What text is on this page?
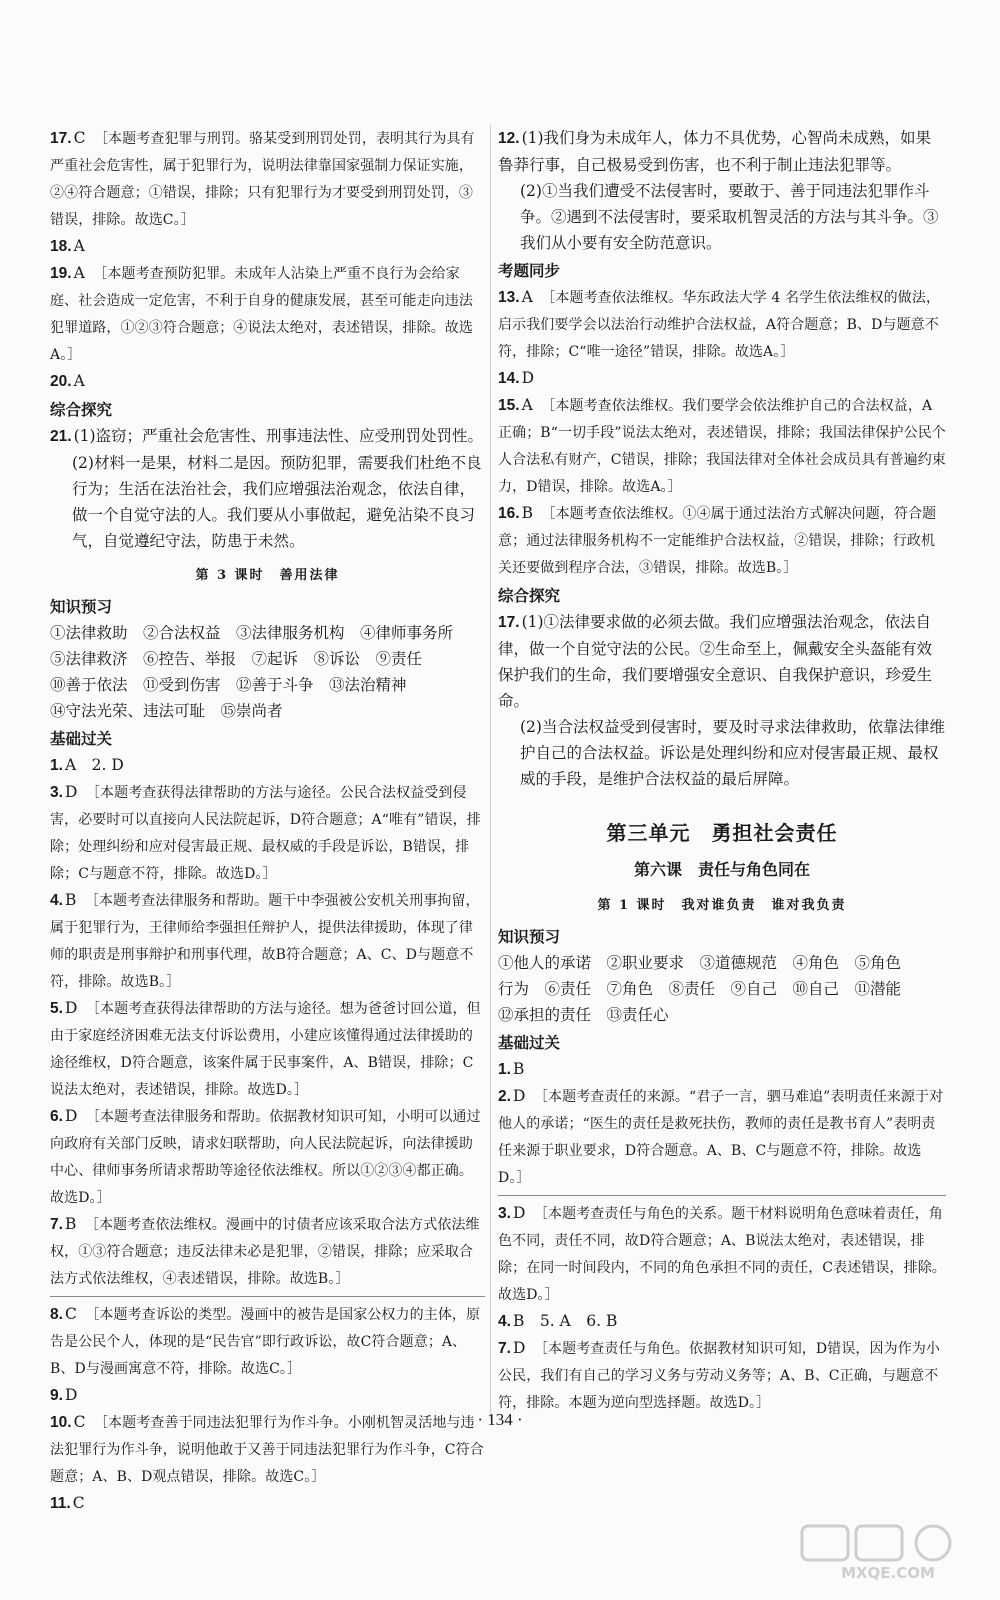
17. C　 ［本题考查犯罪与刑罚。骆某受到刑罚处罚，表明其行为具有严重社会危害性，属于犯罪行为，说明法律靠国家强制力保证实施，②④符合题意；①错误，排除；只有犯罪行为才要受到刑罚处罚，③错误，排除。故选C。］

18. A

19. A　 ［本题考查预防犯罪。未成年人沾染上严重不良行为会给家庭、社会造成一定危害，不利于自身的健康发展，甚至可能走向违法犯罪道路，①②③符合题意；④说法太绝对，表述错误，排除。故选A。］

20. A

综合探究

21. (1)盗窃；严重社会危害性、刑事违法性、应受刑罚处罚性。

(2)材料一是果，材料二是因。预防犯罪，需要我们杜绝不良行为；生活在法治社会，我们应增强法治观念，依法自律，做一个自觉守法的人。我们要从小事做起，避免沾染不良习气，自觉遵纪守法，防患于未然。

第 3 课时　善用法律

知识预习

①法律救助　②合法权益　③法律服务机构　④律师事务所

⑤法律救济　⑥控告、举报　⑦起诉　⑧诉讼　⑨责任

⑩善于依法　⑪受到伤害　⑫善于斗争　⑬法治精神

⑭守法光荣、违法可耻　⑮崇尚者

基础过关

1. A　2. D

3. D　 ［本题考查获得法律帮助的方法与途径。公民合法权益受到侵害，必要时可以直接向人民法院起诉，D符合题意；A“唯有”错误，排除；处理纠纷和应对侵害最正规、最权威的手段是诉讼，B错误，排除；C与题意不符，排除。故选D。］

4. B　 ［本题考查法律服务和帮助。题干中李强被公安机关刑事拘留，属于犯罪行为，王律师给李强担任辩护人，提供法律援助，体现了律师的职责是刑事辩护和刑事代理，故B符合题意；A、C、D与题意不符，排除。故选B。］

5. D　 ［本题考查获得法律帮助的方法与途径。想为爸爸讨回公道，但由于家庭经济困难无法支付诉讼费用，小建应该懂得通过法律援助的途径维权，D符合题意，该案件属于民事案件，A、B错误，排除；C说法太绝对，表述错误，排除。故选D。］

6. D　 ［本题考查法律服务和帮助。依据教材知识可知，小明可以通过向政府有关部门反映，请求妇联帮助，向人民法院起诉，向法律援助中心、律师事务所请求帮助等途径依法维权。所以①②③④都正确。故选D。］

7. B　 ［本题考查依法维权。漫画中的讨债者应该采取合法方式依法维权，①③符合题意；违反法律未必是犯罪，②错误，排除；应采取合法方式依法维权，④表述错误，排除。故选B。］

8. C　 ［本题考查诉讼的类型。漫画中的被告是国家公权力的主体，原告是公民个人，体现的是“民告官”即行政诉讼，故C符合题意；A、B、D与漫画寓意不符，排除。故选C。］

9. D

10. C　 ［本题考查善于同违法犯罪行为作斗争。小刚机智灵活地与违法犯罪行为作斗争，说明他敢于又善于同违法犯罪行为作斗争，C符合题意；A、B、D观点错误，排除。故选C。］

11. C

12. (1)我们身为未成年人，体力不具优势，心智尚未成熟，如果鲁莽行事，自己极易受到伤害，也不利于制止违法犯罪等。

(2)①当我们遭受不法侵害时，要敢于、善于同违法犯罪作斗争。②遇到不法侵害时，要采取机智灵活的方法与其斗争。③我们从小要有安全防范意识。

考题同步

13. A　 ［本题考查依法维权。华东政法大学 4 名学生依法维权的做法，启示我们要学会以法治行动维护合法权益，A符合题意；B、D与题意不符，排除；C“唯一途径”错误，排除。故选A。］

14. D

15. A　 ［本题考查依法维权。我们要学会依法维护自己的合法权益，A正确；B“一切手段”说法太绝对，表述错误，排除；我国法律保护公民个人合法私有财产，C错误，排除；我国法律对全体社会成员具有普遍约束力，D错误，排除。故选A。］

16. B　 ［本题考查依法维权。①④属于通过法治方式解决问题，符合题意；通过法律服务机构不一定能维护合法权益，②错误，排除；行政机关还要做到程序合法，③错误，排除。故选B。］

综合探究

17. (1)①法律要求做的必须去做。我们应增强法治观念，依法自律，做一个自觉守法的公民。②生命至上，佩戴安全头盔能有效保护我们的生命，我们要增强安全意识、自我保护意识，珍爱生命。

(2)当合法权益受到侵害时，要及时寻求法律救助，依靠法律维护自己的合法权益。诉讼是处理纠纷和应对侵害最正规、最权威的手段，是维护合法权益的最后屏障。

第三单元　勇担社会责任

第六课　责任与角色同在

第 1 课时　我对谁负责　谁对我负责

知识预习

①他人的承诺　②职业要求　③道德规范　④角色　⑤角色

行为　⑥责任　⑦角色　⑧责任　⑨自己　⑩自己　⑪潜能

⑫承担的责任　⑬责任心

基础过关

1. B

2. D　 ［本题考查责任的来源。“君子一言，驷马难追”表明责任来源于对他人的承诺；“医生的责任是救死扶伤，教师的责任是教书育人”表明责任来源于职业要求，D符合题意。A、B、C与题意不符，排除。故选D。］

3. D　 ［本题考查责任与角色的关系。题干材料说明角色意味着责任，角色不同，责任不同，故D符合题意；A、B说法太绝对，表述错误，排除；在同一时间段内，不同的角色承担不同的责任，C表述错误，排除。故选D。］

4. B　5. A　6. B

7. D　 ［本题考查责任与角色。依据教材知识可知，D错误，因为作为小公民，我们有自己的学习义务与劳动义务等；A、B、C正确，与题意不符，排除。本题为逆向型选择题。故选D。］

· 134 ·
MXQE.COM
